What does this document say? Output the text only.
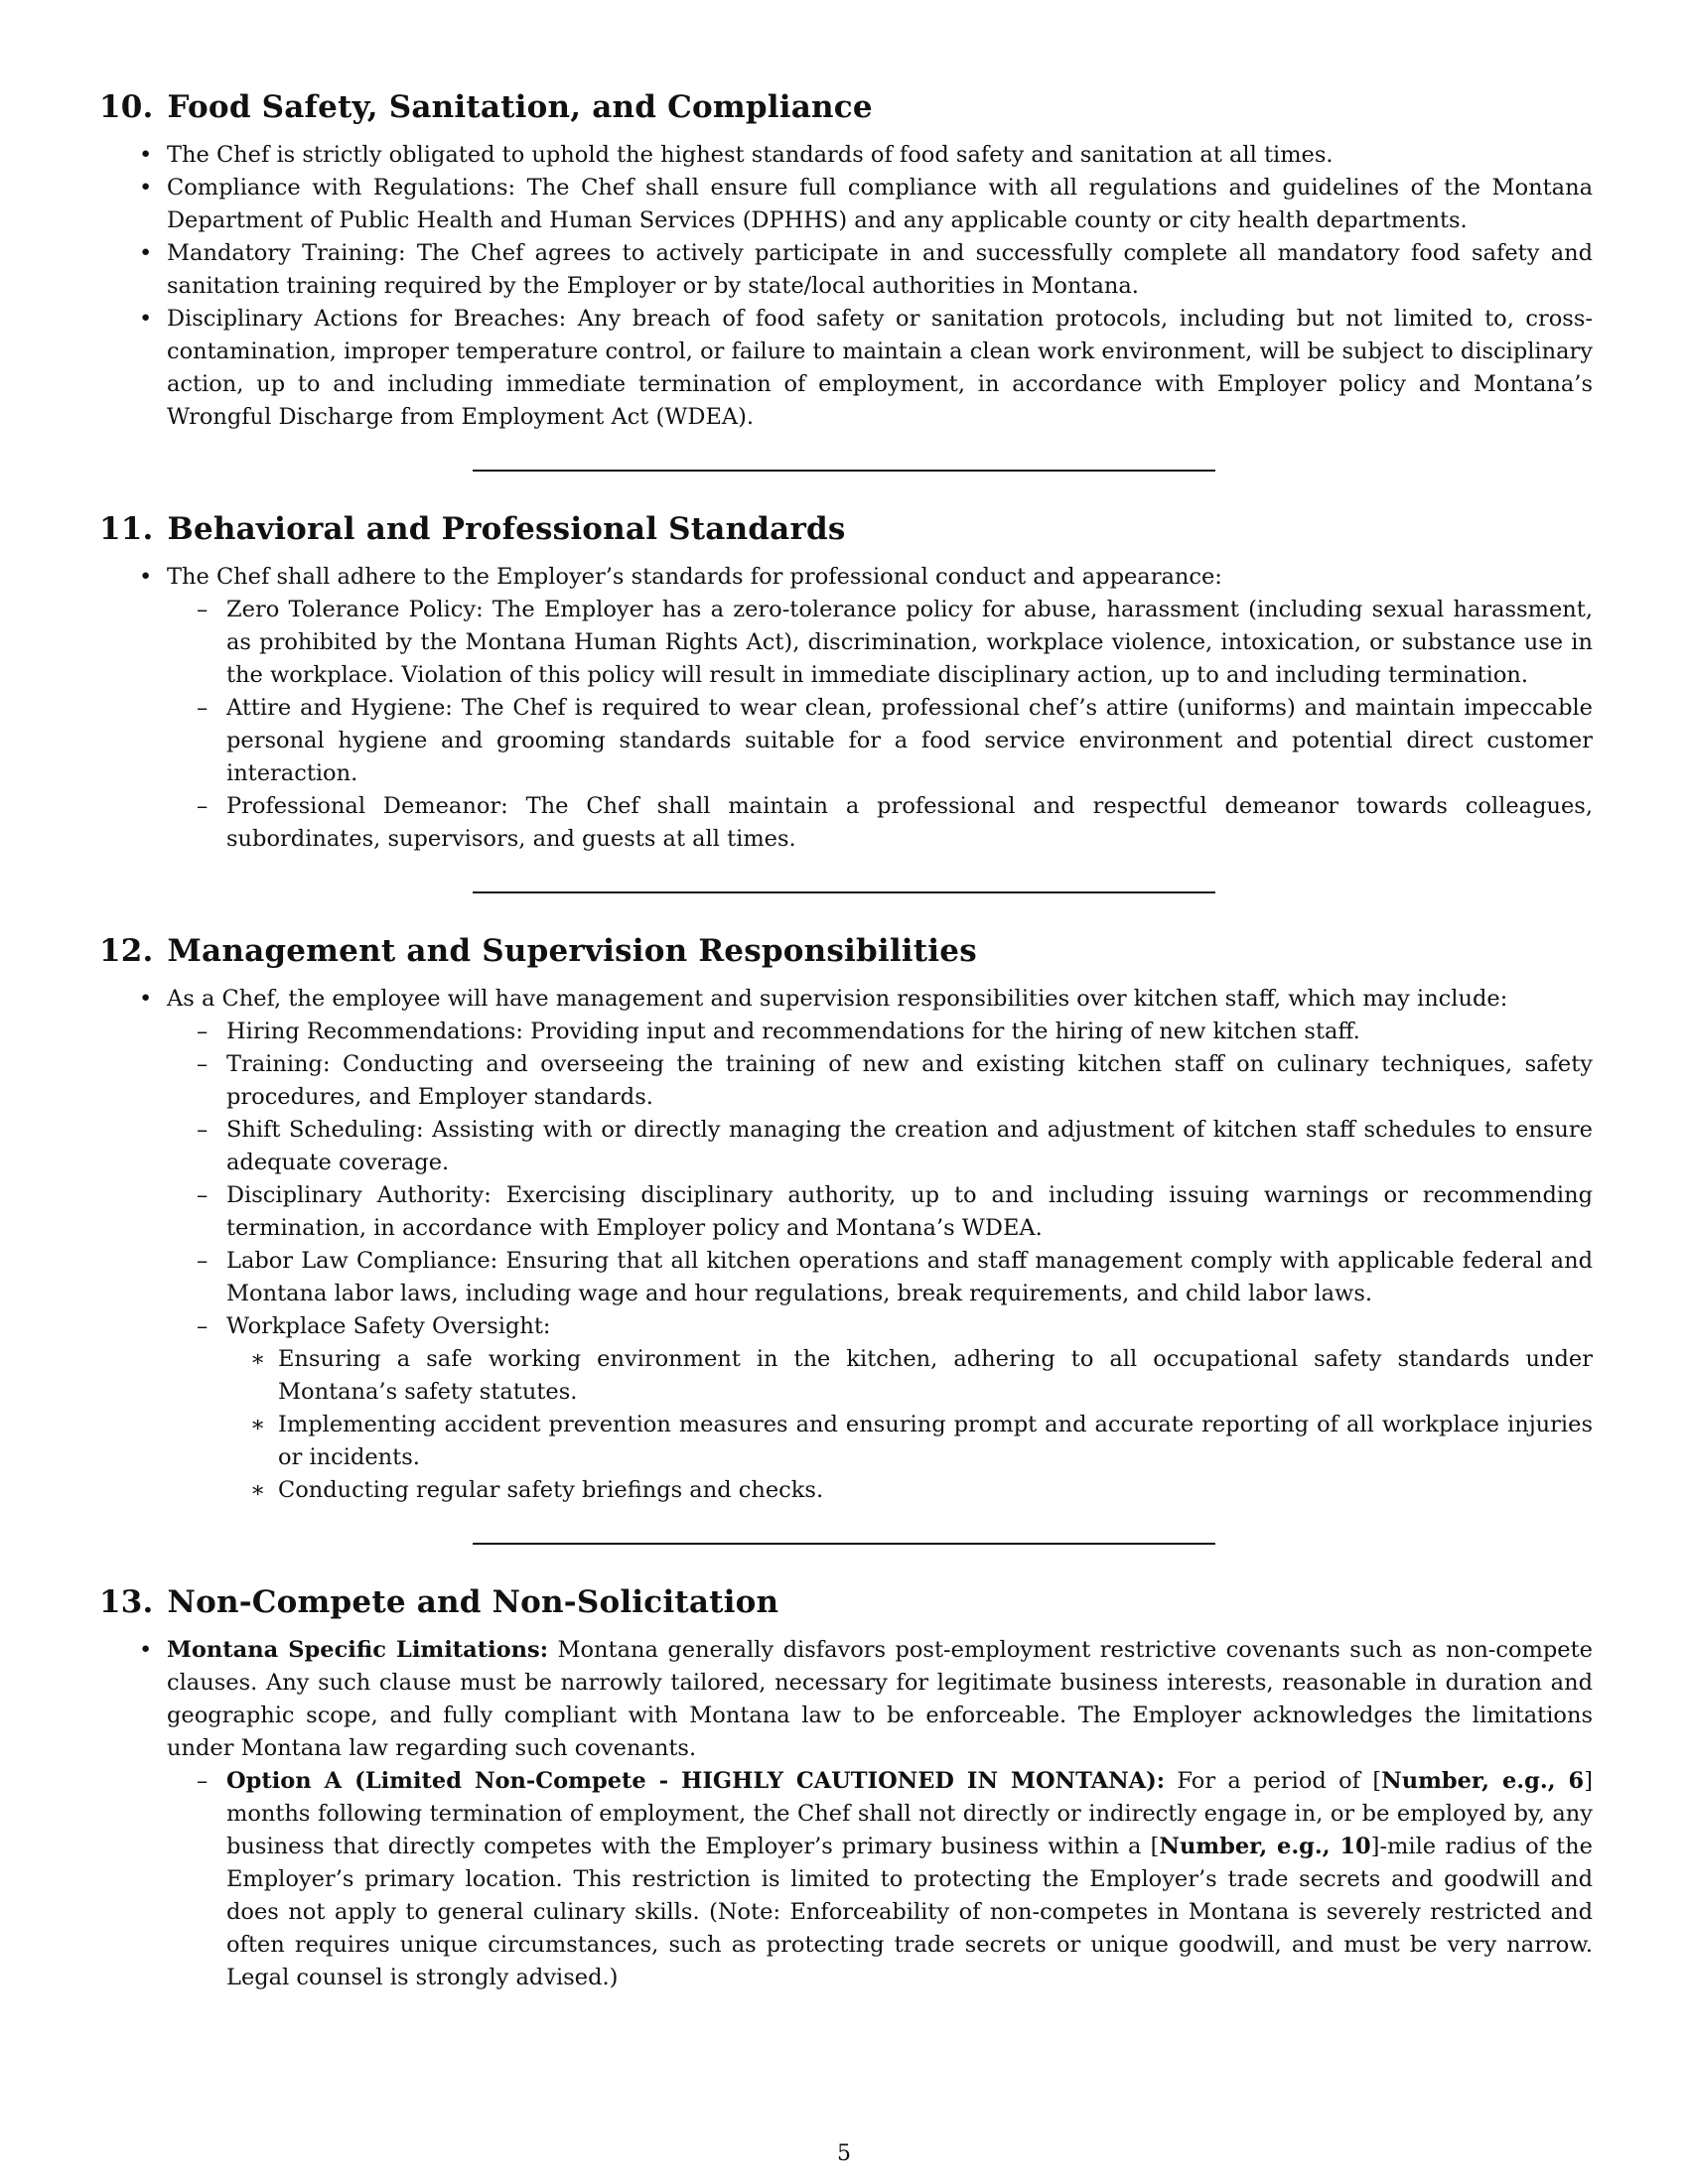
10. Food Safety, Sanitation, and Compliance
• The Chef is strictly obligated to uphold the highest standards of food safety and sanitation at all times.
• Compliance with Regulations: The Chef shall ensure full compliance with all regulations and guidelines of the Montana Department of Public Health and Human Services (DPHHS) and any applicable county or city health departments.
• Mandatory Training: The Chef agrees to actively participate in and successfully complete all mandatory food safety and sanitation training required by the Employer or by state/local authorities in Montana.
• Disciplinary Actions for Breaches: Any breach of food safety or sanitation protocols, including but not limited to, cross-contamination, improper temperature control, or failure to maintain a clean work environment, will be subject to disciplinary action, up to and including immediate termination of employment, in accordance with Employer policy and Montana’s Wrongful Discharge from Employment Act (WDEA).
11. Behavioral and Professional Standards
• The Chef shall adhere to the Employer’s standards for professional conduct and appearance:
– Zero Tolerance Policy: The Employer has a zero-tolerance policy for abuse, harassment (including sexual harassment, as prohibited by the Montana Human Rights Act), discrimination, workplace violence, intoxication, or substance use in the workplace. Violation of this policy will result in immediate disciplinary action, up to and including termination.
– Attire and Hygiene: The Chef is required to wear clean, professional chef’s attire (uniforms) and maintain impeccable personal hygiene and grooming standards suitable for a food service environment and potential direct customer interaction.
– Professional Demeanor: The Chef shall maintain a professional and respectful demeanor towards colleagues, subordinates, supervisors, and guests at all times.
12. Management and Supervision Responsibilities
• As a Chef, the employee will have management and supervision responsibilities over kitchen staff, which may include:
– Hiring Recommendations: Providing input and recommendations for the hiring of new kitchen staff.
– Training: Conducting and overseeing the training of new and existing kitchen staff on culinary techniques, safety procedures, and Employer standards.
– Shift Scheduling: Assisting with or directly managing the creation and adjustment of kitchen staff schedules to ensure adequate coverage.
– Disciplinary Authority: Exercising disciplinary authority, up to and including issuing warnings or recommending termination, in accordance with Employer policy and Montana’s WDEA.
– Labor Law Compliance: Ensuring that all kitchen operations and staff management comply with applicable federal and Montana labor laws, including wage and hour regulations, break requirements, and child labor laws.
– Workplace Safety Oversight:
∗ Ensuring a safe working environment in the kitchen, adhering to all occupational safety standards under Montana’s safety statutes.
∗ Implementing accident prevention measures and ensuring prompt and accurate reporting of all workplace injuries or incidents.
∗ Conducting regular safety briefings and checks.
13. Non-Compete and Non-Solicitation
• Montana Specific Limitations: Montana generally disfavors post-employment restrictive covenants such as non-compete clauses. Any such clause must be narrowly tailored, necessary for legitimate business interests, reasonable in duration and geographic scope, and fully compliant with Montana law to be enforceable. The Employer acknowledges the limitations under Montana law regarding such covenants.
– Option A (Limited Non-Compete - HIGHLY CAUTIONED IN MONTANA): For a period of [Number, e.g., 6] months following termination of employment, the Chef shall not directly or indirectly engage in, or be employed by, any business that directly competes with the Employer’s primary business within a [Number, e.g., 10]-mile radius of the Employer’s primary location. This restriction is limited to protecting the Employer’s trade secrets and goodwill and does not apply to general culinary skills. (Note: Enforceability of non-competes in Montana is severely restricted and often requires unique circumstances, such as protecting trade secrets or unique goodwill, and must be very narrow. Legal counsel is strongly advised.)
5
